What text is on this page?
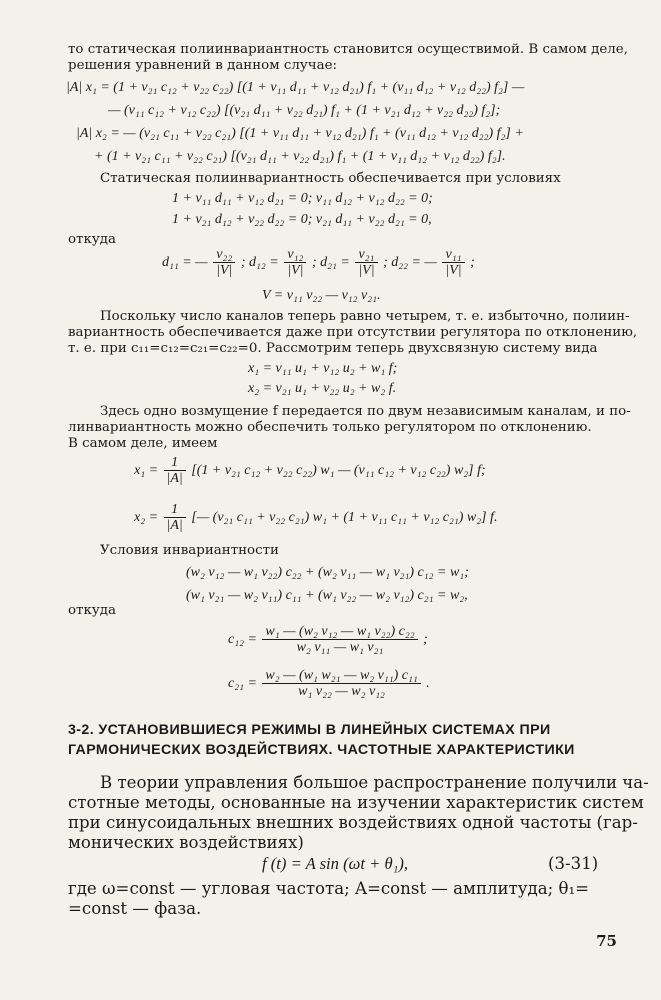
то статическая полиинвариантность становится осуществимой. В самом деле,
решения уравнений в данном случае:
|A| x₁ = (1 + v₂₁ c₁₂ + v₂₂ c₂₂) [(1 + v₁₁ d₁₁ + v₁₂ d₂₁) f₁ + (v₁₁ d₁₂ + v₁₂ d₂₂) f₂] —
— (v₁₁ c₁₂ + v₁₂ c₂₂) [(v₂₁ d₁₁ + v₂₂ d₂₁) f₁ + (1 + v₂₁ d₁₂ + v₂₂ d₂₂) f₂];
|A| x₂ = — (v₂₁ c₁₁ + v₂₂ c₂₁) [(1 + v₁₁ d₁₁ + v₁₂ d₂₁) f₁ + (v₁₁ d₁₂ + v₁₂ d₂₂) f₂] +
+ (1 + v₂₁ c₁₁ + v₂₂ c₂₁) [(v₂₁ d₁₁ + v₂₂ d₂₁) f₁ + (1 + v₁₁ d₁₂ + v₁₂ d₂₂) f₂].
Статическая полиинвариантность обеспечивается при условиях
1 + v₁₁ d₁₁ + v₁₂ d₂₁ = 0; v₁₁ d₁₂ + v₁₂ d₂₂ = 0;
1 + v₂₁ d₁₂ + v₂₂ d₂₂ = 0; v₂₁ d₁₁ + v₂₂ d₂₁ = 0,
откуда
d₁₁ = — $\frac{\text{v₂₂}}{|V|}$ ; $d_{12} = \frac{\text{v₁₂}}{|V|}$ ; $d_{21} = \frac{\text{v₂₁}}{|V|}$ ; d₂₂ = — $\frac{\text{v₁₁}}{|V|}$ ;
V = v₁₁ v₂₂ — v₁₂ v₂₁.
Поскольку число каналов теперь равно четырем, т. е. избыточно, полиин-
вариантность обеспечивается даже при отсутствии регулятора по отклонению,
т. е. при c₁₁=c₁₂=c₂₁=c₂₂=0. Рассмотрим теперь двухсвязную систему вида
x₁ = v₁₁ u₁ + v₁₂ u₂ + w₁ f;
x₂ = v₂₁ u₁ + v₂₂ u₂ + w₂ f.
Здесь одно возмущение f передается по двум независимым каналам, и по-
линвариантность можно обеспечить только регулятором по отклонению.
В самом деле, имеем
$x_1 = \frac{1}{|A|} [(1 + v_{21}$ c₁₂ + v₂₂ c₂₂) w₁ — (v₁₁ c₁₂ + v₁₂ c₂₂) w₂] f;
$x_2 = \frac{1}{|A|}$ [— (v₂₁ c₁₁ + v₂₂ c₂₁) w₁ + (1 + v₁₁ c₁₁ + v₁₂ c₂₁) w₂] f.
Условия инвариантности
(w₂ v₁₂ — w₁ v₂₂) c₂₂ + (w₂ v₁₁ — w₁ v₂₁) c₁₂ = w₁;
(w₁ v₂₁ — w₂ v₁₁) c₁₁ + (w₁ v₂₂ — w₂ v₁₂) c₂₁ = w₂,
откуда
$c_{12} = \frac{\text{w₁ — (w₂ v₁₂ — w₁ v₂₂) c₂₂}}{\text{w₂ v₁₁ — w₁ v₂₁}}$ ;
$c_{21} = \frac{\text{w₂ — (w₁ w₂₁ — w₂ v₁₁) c₁₁}}{\text{w₁ v₂₂ — w₂ v₁₂}}$ .
3-2. УСТАНОВИВШИЕСЯ РЕЖИМЫ В ЛИНЕЙНЫХ СИСТЕМАХ ПРИ
ГАРМОНИЧЕСКИХ ВОЗДЕЙСТВИЯХ. ЧАСТОТНЫЕ ХАРАКТЕРИСТИКИ
В теории управления большое распространение получили ча-
стотные методы, основанные на изучении характеристик систем
при синусоидальных внешних воздействиях одной частоты (гар-
монических воздействиях)
f (t) = A sin (ωt + θ₁),	(3-31)
где ω=const — угловая частота; A=const — амплитуда; θ₁=
=const — фаза.
75
